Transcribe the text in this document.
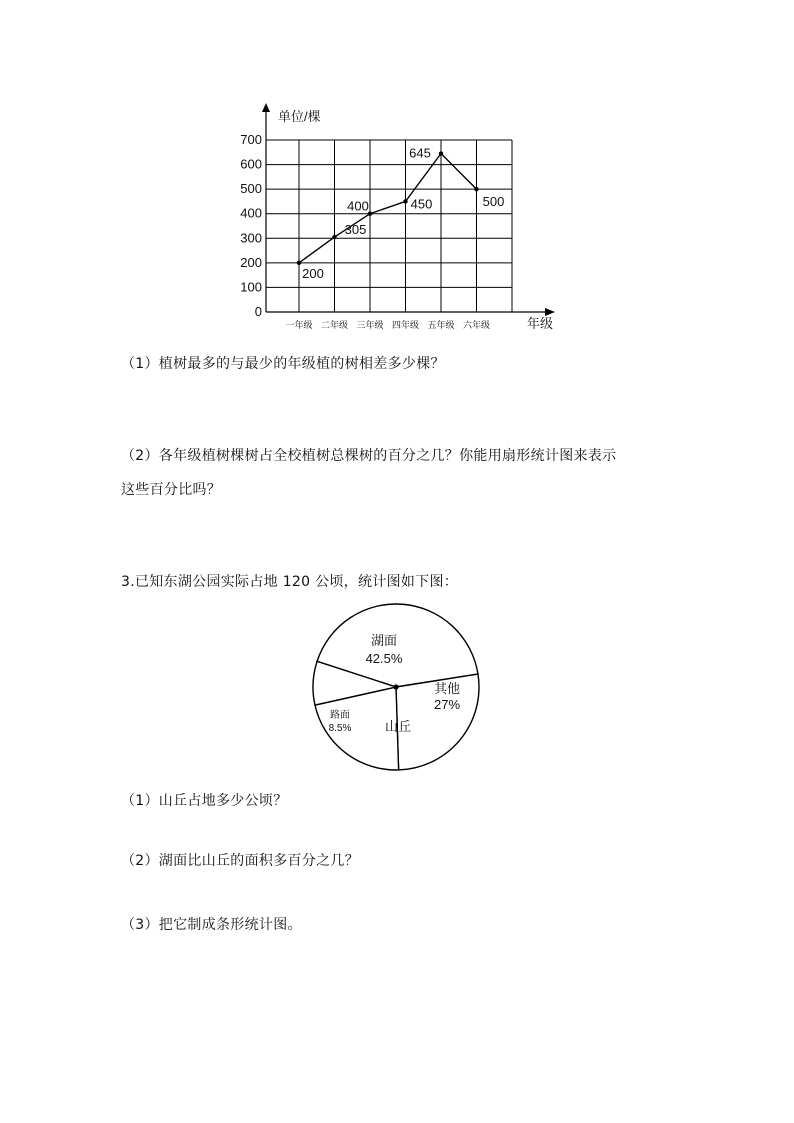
0
100
200
300
400
500
600
700
一年级 二年级 三年级 四年级 五年级 六年级
200
305
400	450
645
500
单位/棵
年级
（1）植树最多的与最少的年级植的树相差多少棵？
（2）各年级植树棵树占全校植树总棵树的百分之几？你能用扇形统计图来表示
这些百分比吗？
3.已知东湖公园实际占地 120 公顷，统计图如下图：
湖面
42.5%
其他
27%
山丘
路面
8.5%
（1）山丘占地多少公顷？
（2）湖面比山丘的面积多百分之几？
（3）把它制成条形统计图。
